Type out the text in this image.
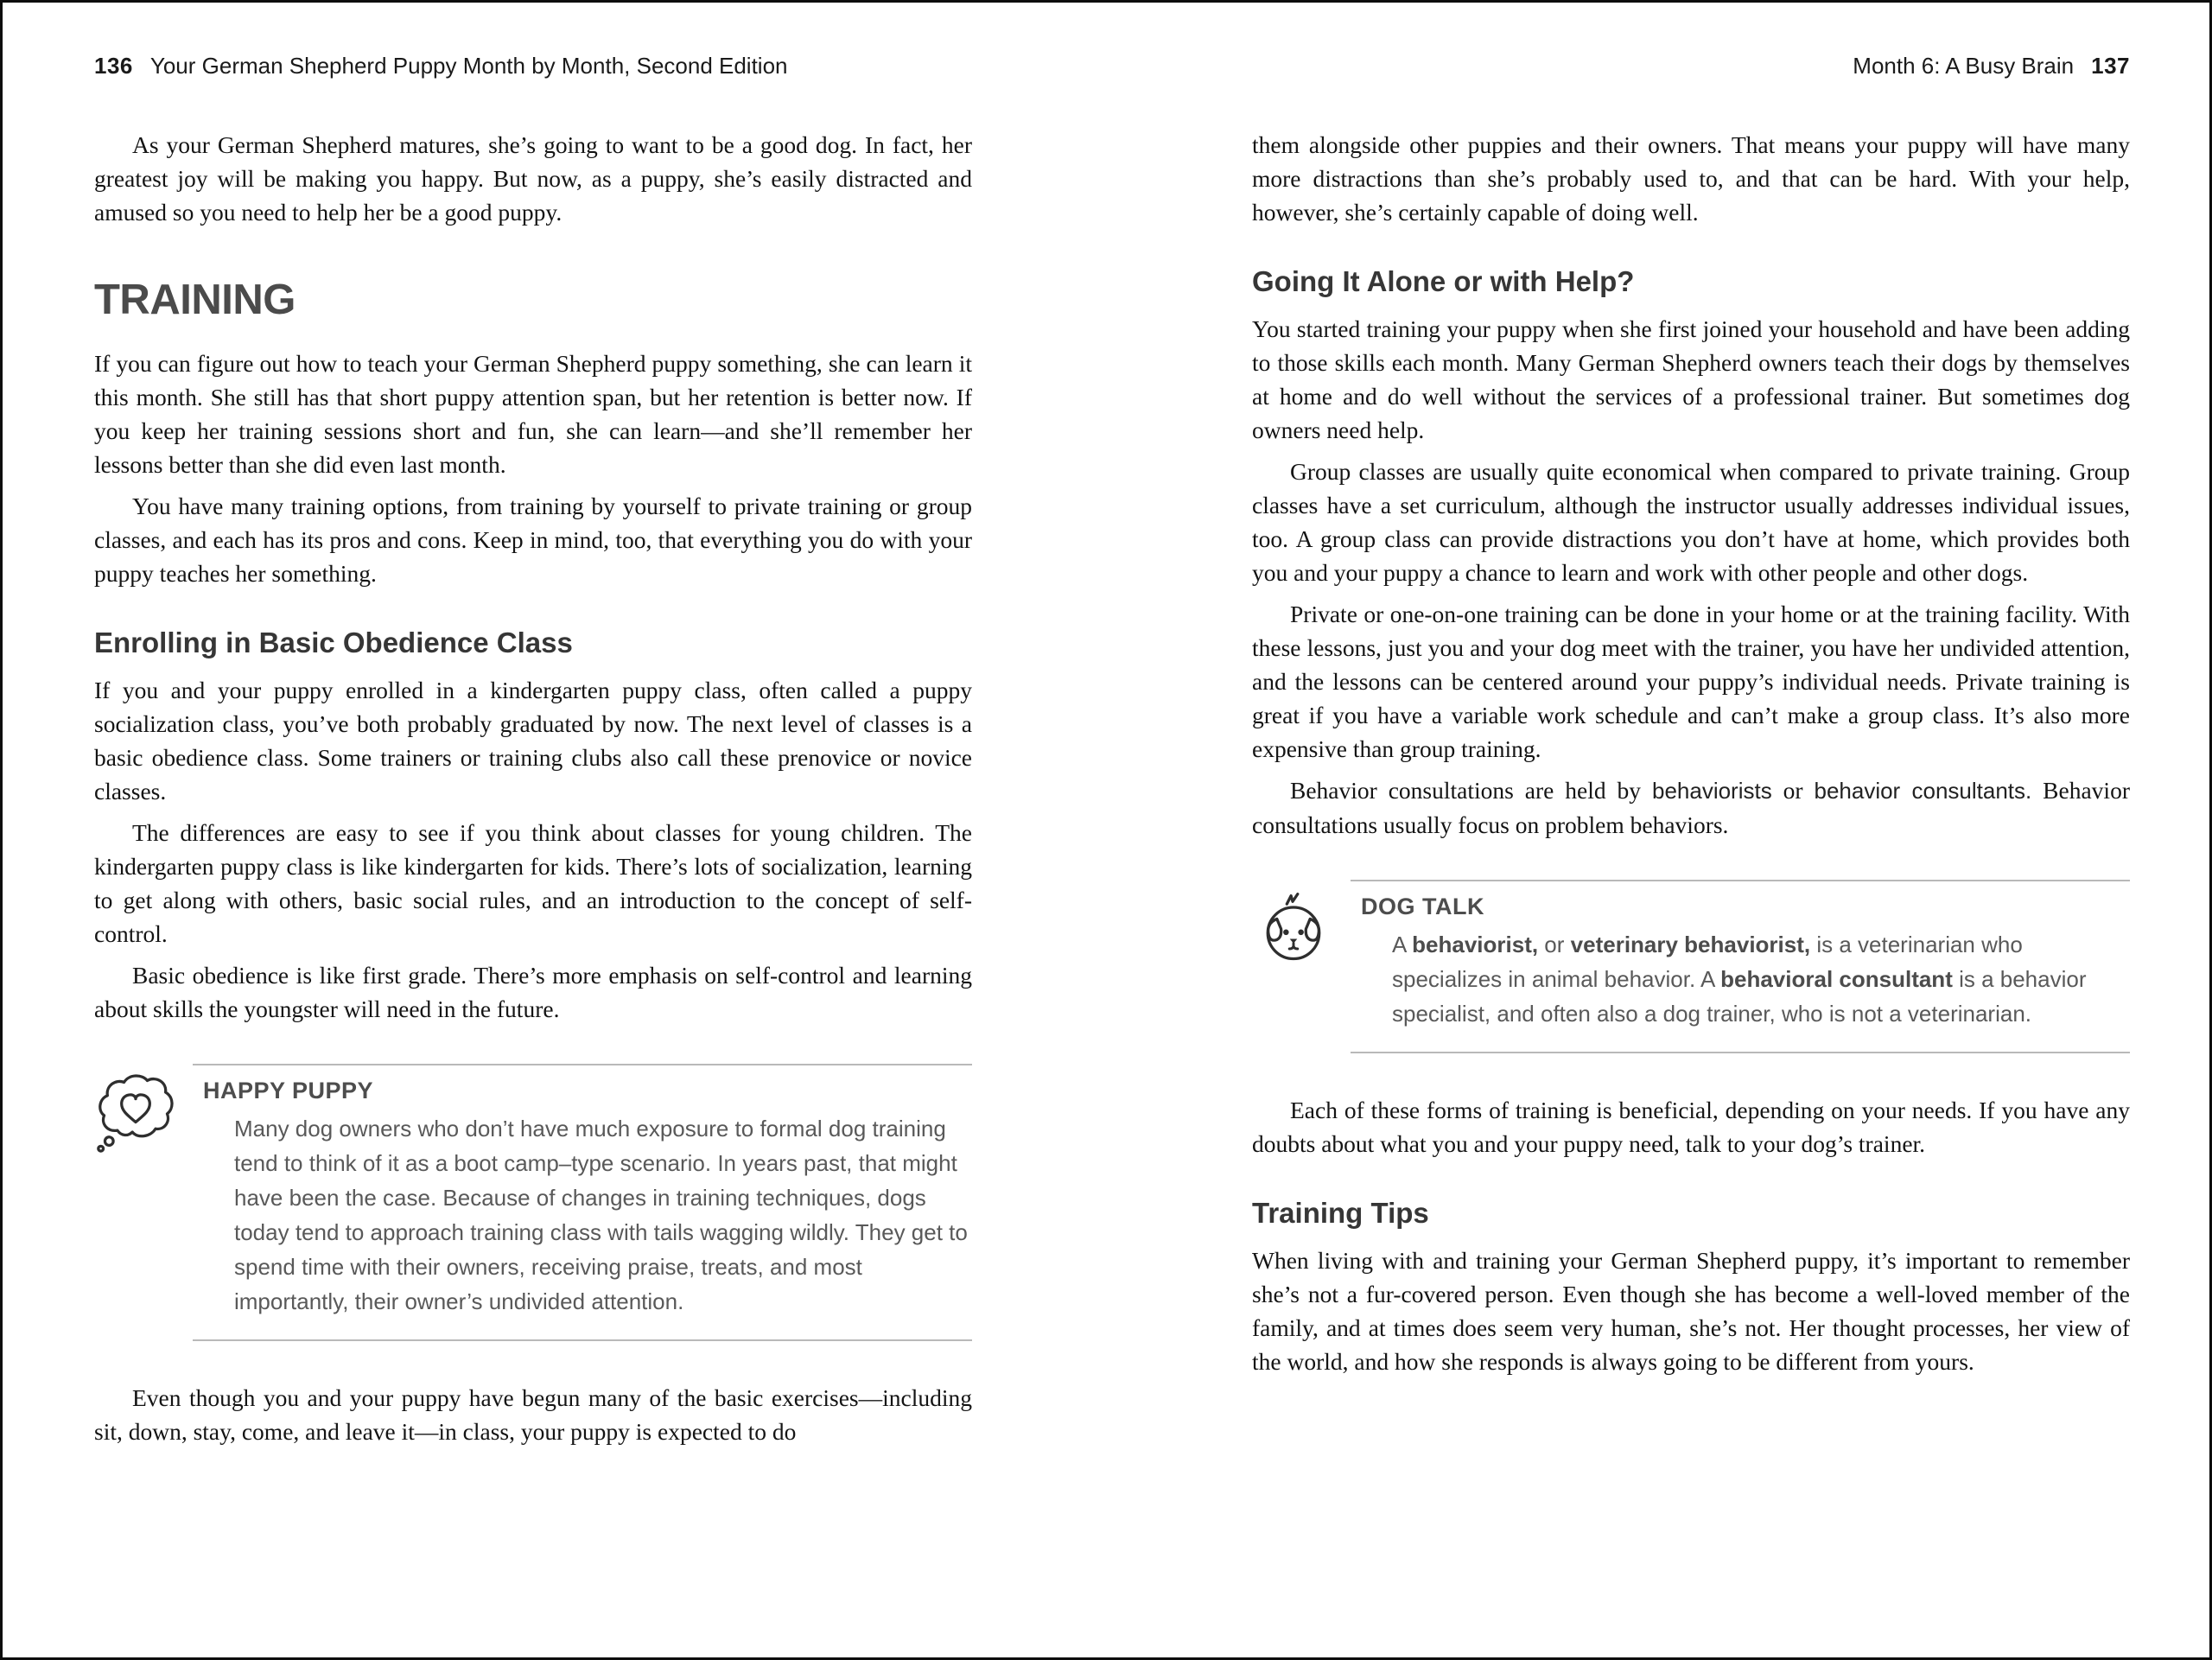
136 Your German Shepherd Puppy Month by Month, Second Edition

As your German Shepherd matures, she’s going to want to be a good dog. In fact, her greatest joy will be making you happy. But now, as a puppy, she’s easily distracted and amused so you need to help her be a good puppy.

TRAINING

If you can figure out how to teach your German Shepherd puppy something, she can learn it this month. She still has that short puppy attention span, but her retention is better now. If you keep her training sessions short and fun, she can learn—and she’ll remember her lessons better than she did even last month.

You have many training options, from training by yourself to private training or group classes, and each has its pros and cons. Keep in mind, too, that everything you do with your puppy teaches her something.

Enrolling in Basic Obedience Class

If you and your puppy enrolled in a kindergarten puppy class, often called a puppy socialization class, you’ve both probably graduated by now. The next level of classes is a basic obedience class. Some trainers or training clubs also call these prenovice or novice classes.

The differences are easy to see if you think about classes for young children. The kindergarten puppy class is like kindergarten for kids. There’s lots of socialization, learning to get along with others, basic social rules, and an introduction to the concept of self-control.

Basic obedience is like first grade. There’s more emphasis on self-control and learning about skills the youngster will need in the future.

HAPPY PUPPY

Many dog owners who don’t have much exposure to formal dog training tend to think of it as a boot camp–type scenario. In years past, that might have been the case. Because of changes in training techniques, dogs today tend to approach training class with tails wagging wildly. They get to spend time with their owners, receiving praise, treats, and most importantly, their owner’s undivided attention.

Even though you and your puppy have begun many of the basic exercises—including sit, down, stay, come, and leave it—in class, your puppy is expected to do

Month 6: A Busy Brain 137

them alongside other puppies and their owners. That means your puppy will have many more distractions than she’s probably used to, and that can be hard. With your help, however, she’s certainly capable of doing well.

Going It Alone or with Help?

You started training your puppy when she first joined your household and have been adding to those skills each month. Many German Shepherd owners teach their dogs by themselves at home and do well without the services of a professional trainer. But sometimes dog owners need help.

Group classes are usually quite economical when compared to private training. Group classes have a set curriculum, although the instructor usually addresses individual issues, too. A group class can provide distractions you don’t have at home, which provides both you and your puppy a chance to learn and work with other people and other dogs.

Private or one-on-one training can be done in your home or at the training facility. With these lessons, just you and your dog meet with the trainer, you have her undivided attention, and the lessons can be centered around your puppy’s individual needs. Private training is great if you have a variable work schedule and can’t make a group class. It’s also more expensive than group training.

Behavior consultations are held by behaviorists or behavior consultants. Behavior consultations usually focus on problem behaviors.

DOG TALK

A behaviorist, or veterinary behaviorist, is a veterinarian who specializes in animal behavior. A behavioral consultant is a behavior specialist, and often also a dog trainer, who is not a veterinarian.

Each of these forms of training is beneficial, depending on your needs. If you have any doubts about what you and your puppy need, talk to your dog’s trainer.

Training Tips

When living with and training your German Shepherd puppy, it’s important to remember she’s not a fur-covered person. Even though she has become a well-loved member of the family, and at times does seem very human, she’s not. Her thought processes, her view of the world, and how she responds is always going to be different from yours.
